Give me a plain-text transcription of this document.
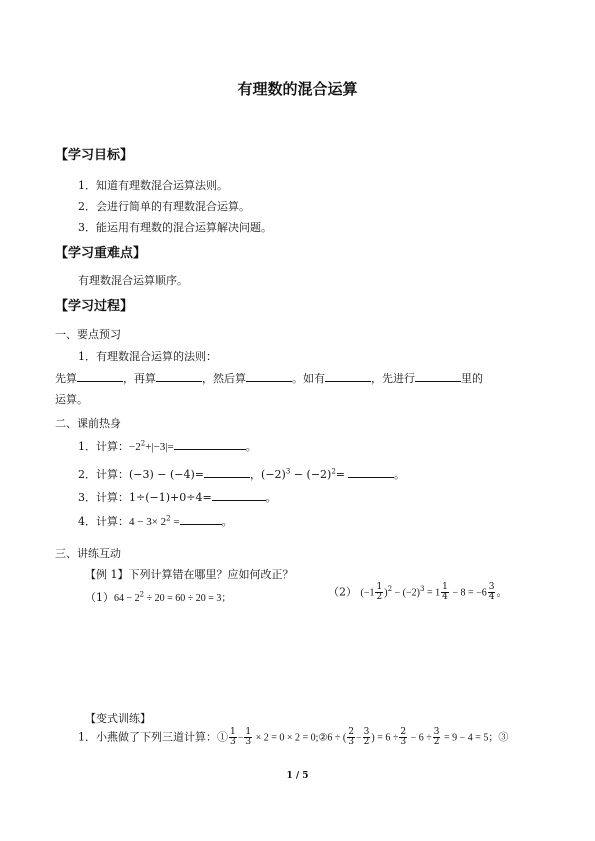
有理数的混合运算
【学习目标】
1．知道有理数混合运算法则。
2．会进行简单的有理数混合运算。
3．能运用有理数的混合运算解决问题。
【学习重难点】
有理数混合运算顺序。
【学习过程】
一、要点预习
1．有理数混合运算的法则：
先算	，再算	，然后算	。如有	，先进行	里的
运算。
二、课前热身
1．计算：$-2^2+|-3|=$	。
2．计算：(−3) − (−4)=	，$(-2)^3 - (-2)^2=$	。
3．计算：1÷(−1)+0÷4=	。
4．计算：$4 - 3\times 2^2$ =	。
三、讲练互动
【例 1】下列计算错在哪里？应如何改正？
$(1)64 - 2^2 \div 20 = 60 \div 20 = 3$；	（2） $(-1 \frac{1}{2} )^2 - (-2)^3 = 1 \frac{1}{4} - 8 = -6 \frac{3}{4}$ 。
【变式训练】
1．小燕做了下列三道计算：① $\frac{1}{3} - \frac{1}{3} \times 2 = 0 \times 2$ = 0;②6 ÷ ( $\frac{2}{3} - \frac{3}{2}$ ) = $6 \div \frac{2}{3} - 6 \div \frac{3}{2} = 9 - 4 = 5$；③
1 / 5
